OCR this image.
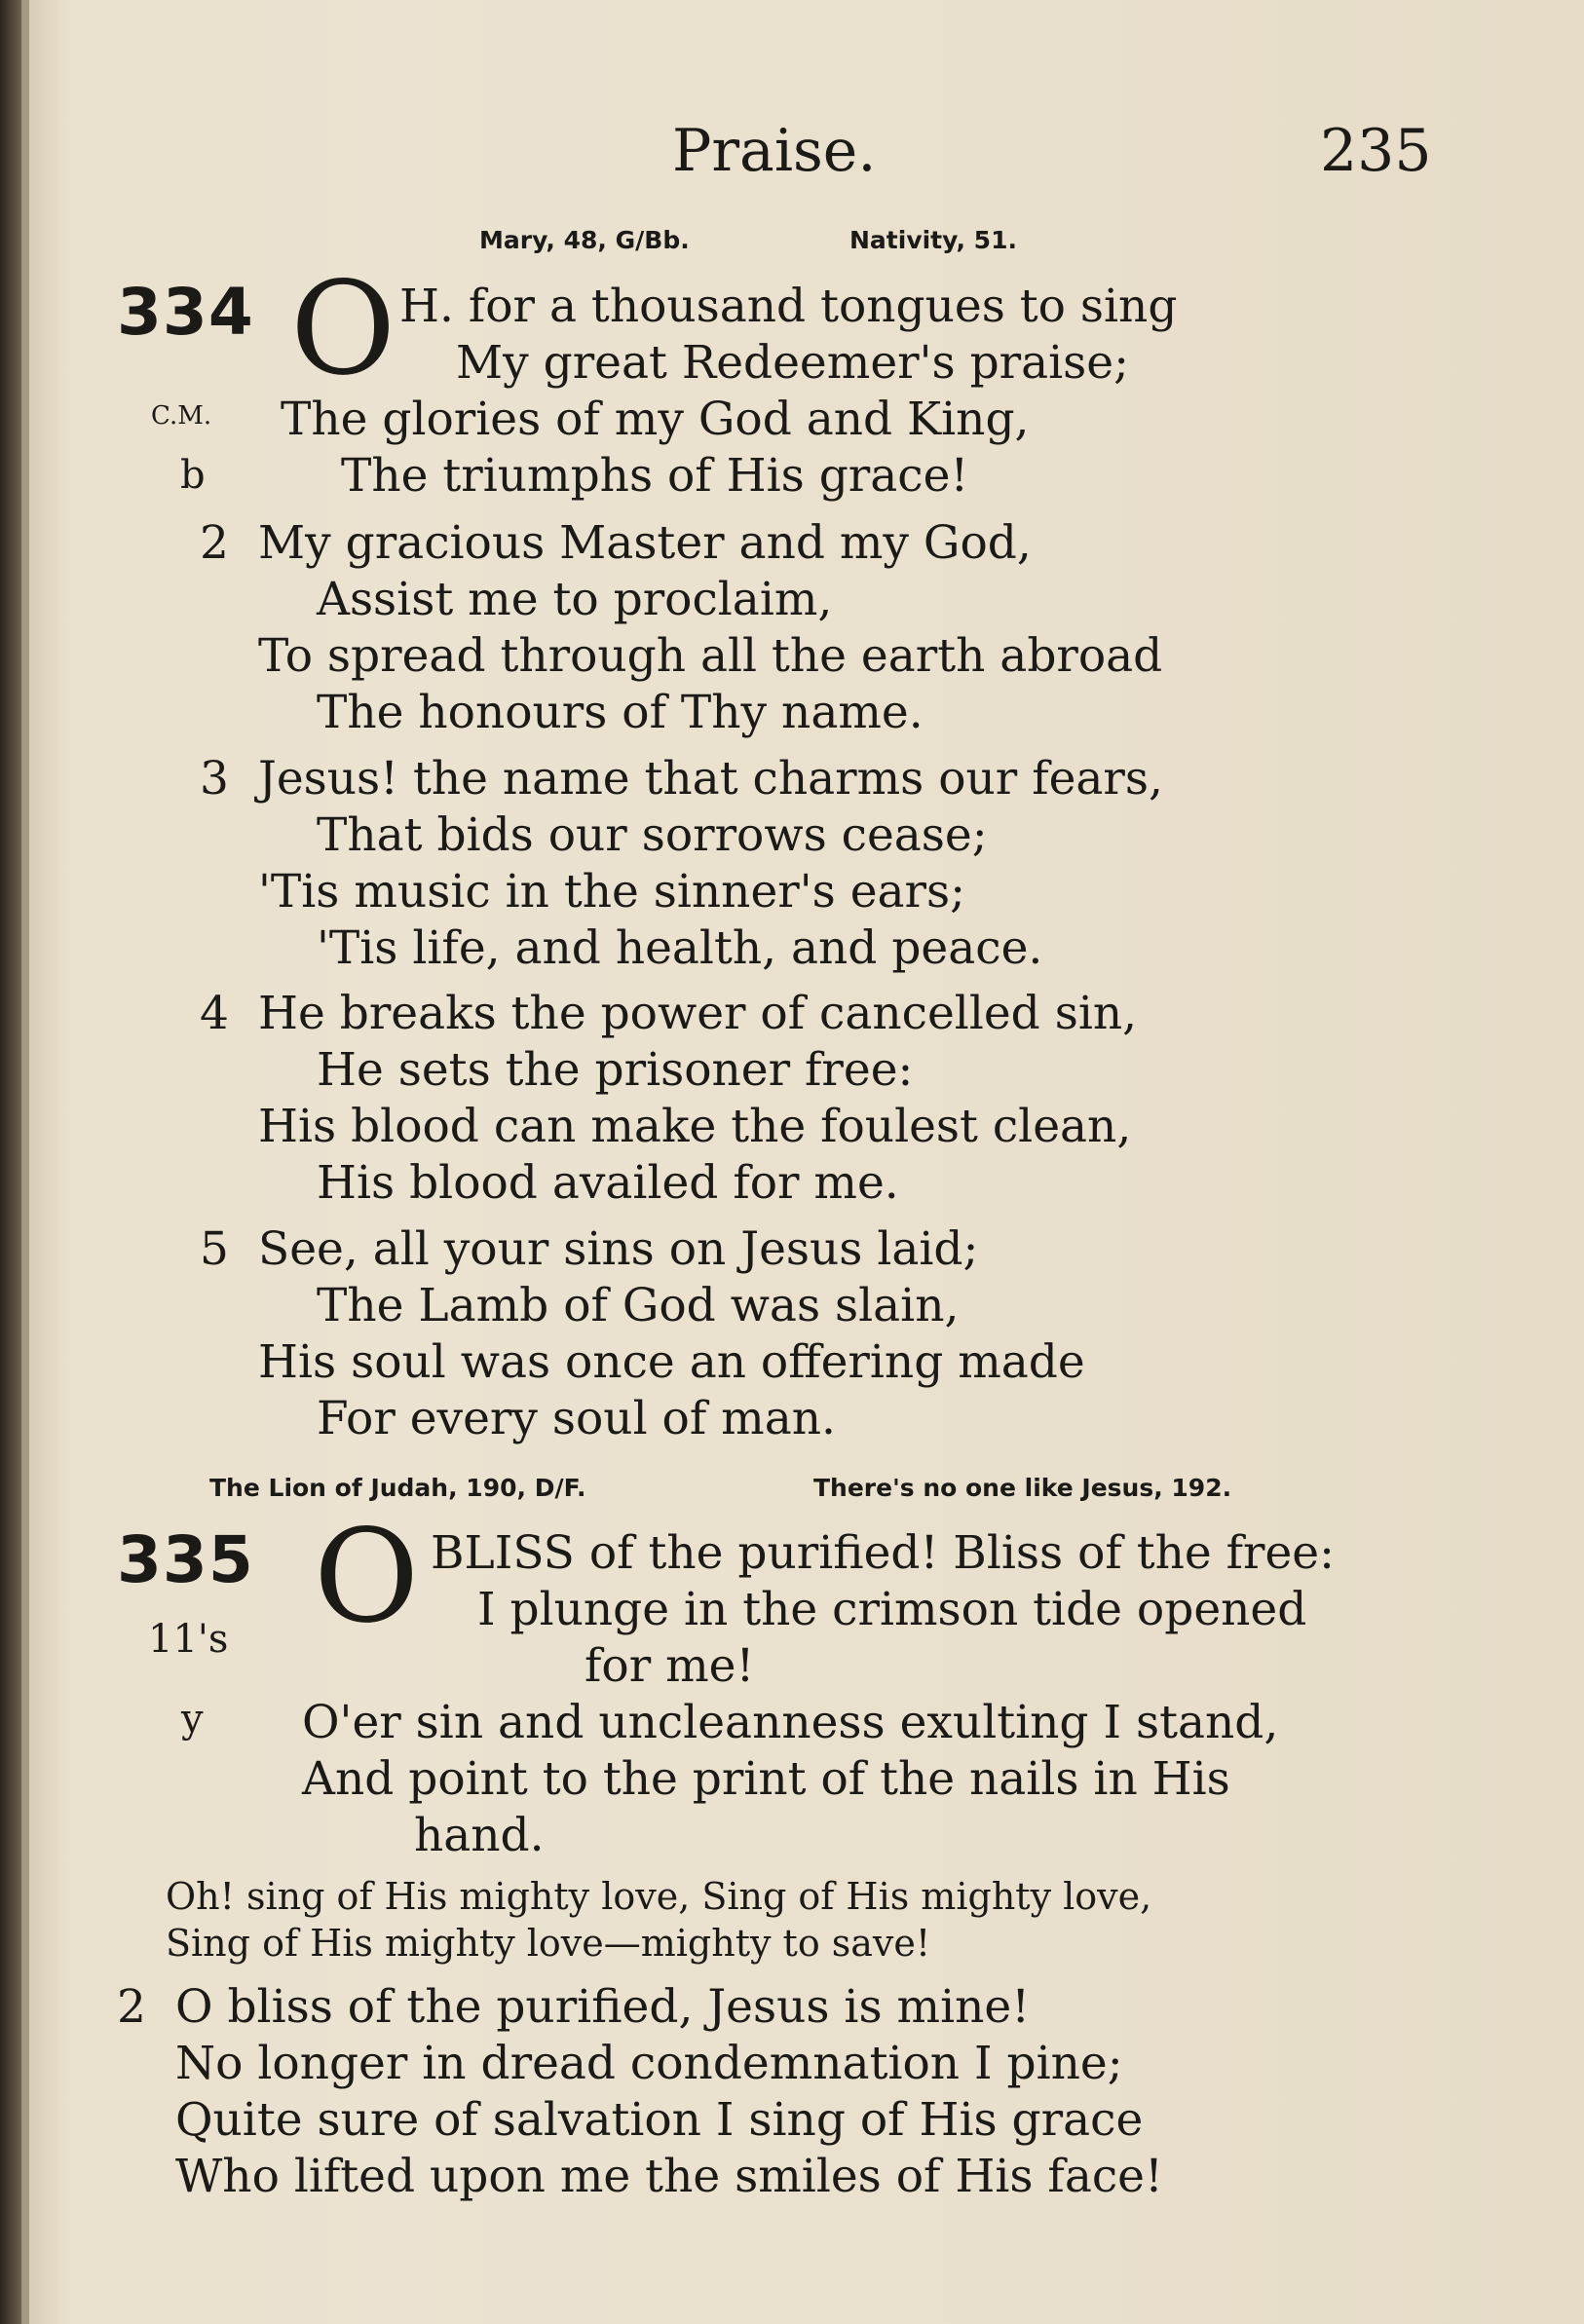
Praise.	235
Mary, 48, G/Bb.	Nativity, 51.
334 O H. for a thousand tongues to sing
My great Redeemer's praise;
C.M. The glories of my God and King,
b	The triumphs of His grace!
2 My gracious Master and my God,
Assist me to proclaim,
To spread through all the earth abroad
The honours of Thy name.
3 Jesus! the name that charms our fears,
That bids our sorrows cease;
'Tis music in the sinner's ears;
'Tis life, and health, and peace.
4 He breaks the power of cancelled sin,
He sets the prisoner free:
His blood can make the foulest clean,
His blood availed for me.
5 See, all your sins on Jesus laid;
The Lamb of God was slain,
His soul was once an offering made
For every soul of man.
The Lion of Judah, 190, D/F.	There's no one like Jesus, 192.
335 O BLISS of the purified! Bliss of the free:
I plunge in the crimson tide opened
11's	for me!
y O'er sin and uncleanness exulting I stand,
And point to the print of the nails in His
hand.
Oh! sing of His mighty love, Sing of His mighty love,
Sing of His mighty love—mighty to save!
2 O bliss of the purified, Jesus is mine!
No longer in dread condemnation I pine;
Quite sure of salvation I sing of His grace
Who lifted upon me the smiles of His face!
